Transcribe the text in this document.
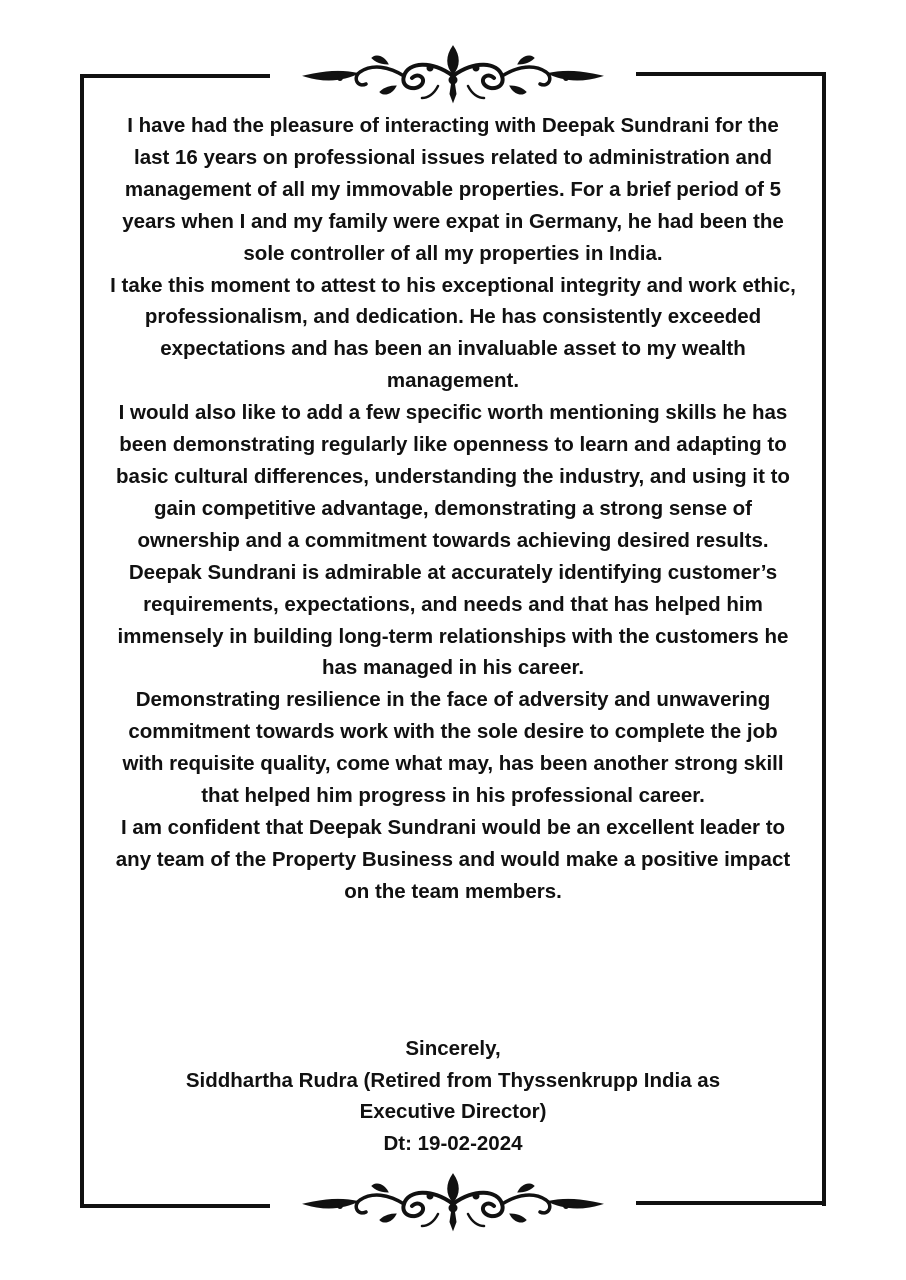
I have had the pleasure of interacting with Deepak Sundrani for the last 16 years on professional issues related to administration and management of all my immovable properties. For a brief period of 5 years when I and my family were expat in Germany, he had been the sole controller of all my properties in India.

I take this moment to attest to his exceptional integrity and work ethic, professionalism, and dedication. He has consistently exceeded expectations and has been an invaluable asset to my wealth management.

I would also like to add a few specific worth mentioning skills he has been demonstrating regularly like openness to learn and adapting to basic cultural differences, understanding the industry, and using it to gain competitive advantage, demonstrating a strong sense of ownership and a commitment towards achieving desired results.

Deepak Sundrani is admirable at accurately identifying customer’s requirements, expectations, and needs and that has helped him immensely in building long-term relationships with the customers he has managed in his career.

Demonstrating resilience in the face of adversity and unwavering commitment towards work with the sole desire to complete the job with requisite quality, come what may, has been another strong skill that helped him progress in his professional career.

I am confident that Deepak Sundrani would be an excellent leader to any team of the Property Business and would make a positive impact on the team members.

Sincerely,
Siddhartha Rudra (Retired from Thyssenkrupp India as Executive Director)
Dt: 19-02-2024
